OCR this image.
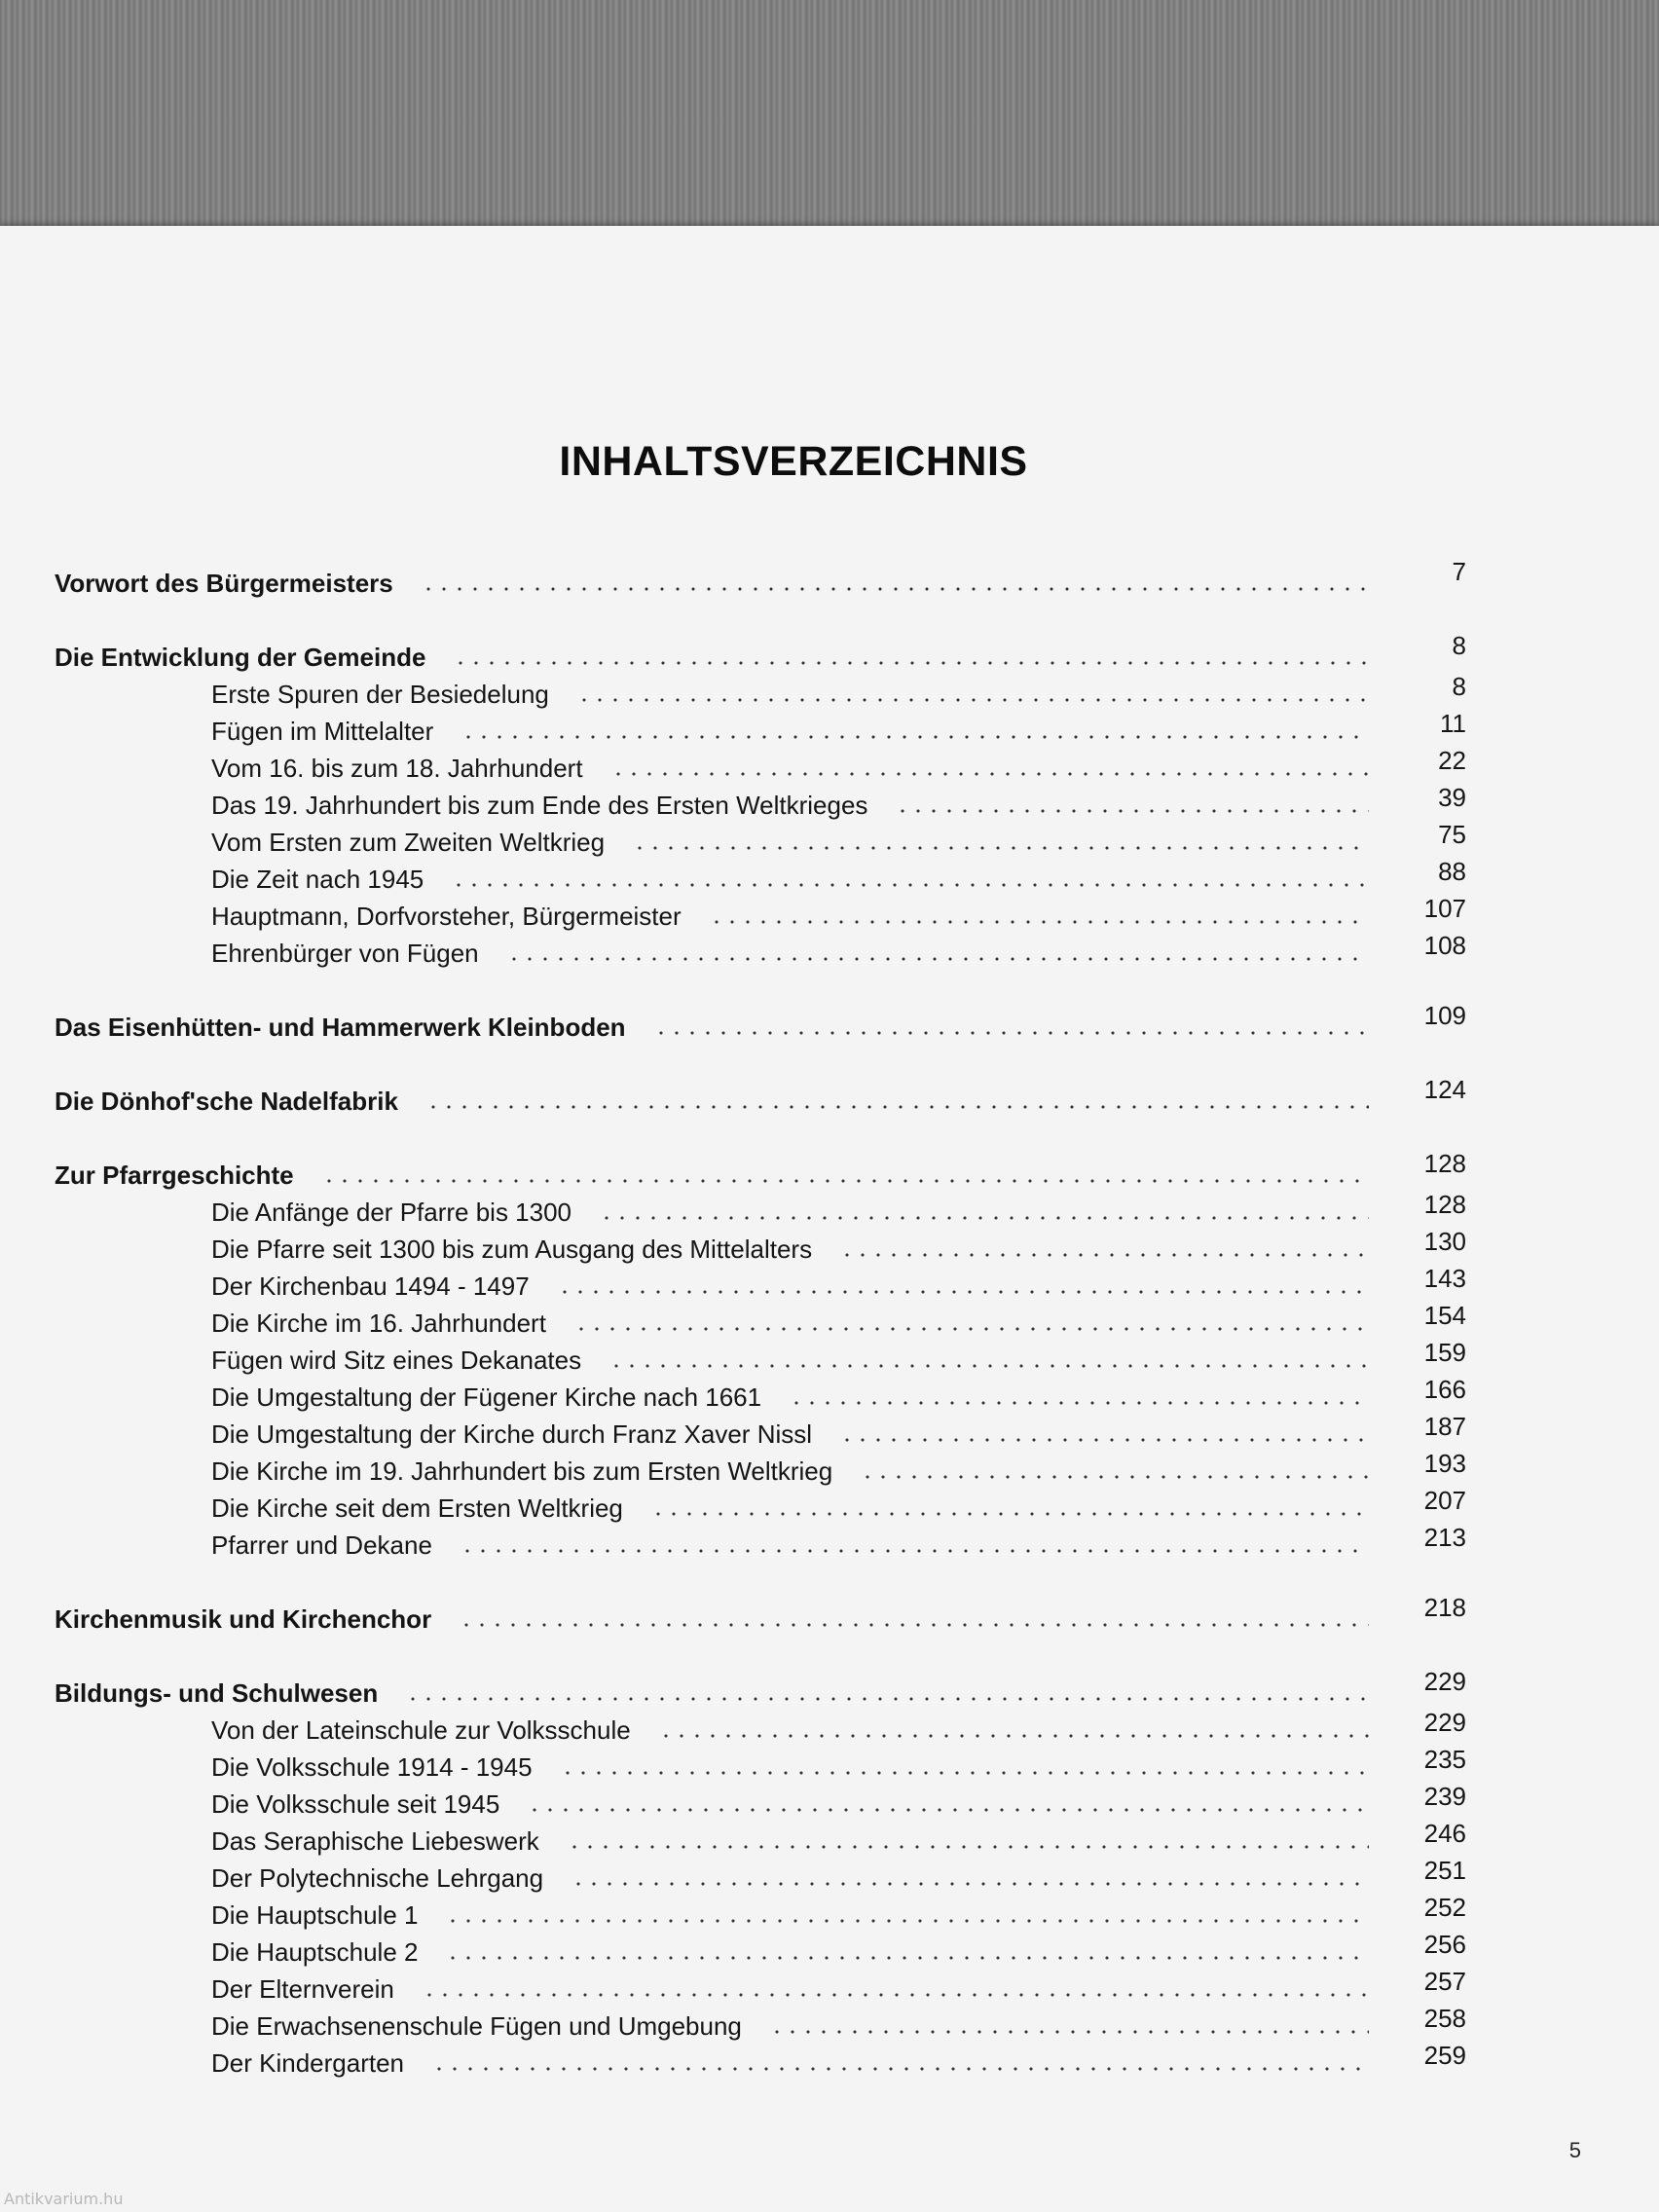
INHALTSVERZEICHNIS
Vorwort des Bürgermeisters	7
Die Entwicklung der Gemeinde	8
Erste Spuren der Besiedelung	8
Fügen im Mittelalter	11
Vom 16. bis zum 18. Jahrhundert	22
Das 19. Jahrhundert bis zum Ende des Ersten Weltkrieges	39
Vom Ersten zum Zweiten Weltkrieg	75
Die Zeit nach 1945	88
Hauptmann, Dorfvorsteher, Bürgermeister	107
Ehrenbürger von Fügen	108
Das Eisenhütten- und Hammerwerk Kleinboden	109
Die Dönhof'sche Nadelfabrik	124
Zur Pfarrgeschichte	128
Die Anfänge der Pfarre bis 1300	128
Die Pfarre seit 1300 bis zum Ausgang des Mittelalters	130
Der Kirchenbau 1494 - 1497	143
Die Kirche im 16. Jahrhundert	154
Fügen wird Sitz eines Dekanates	159
Die Umgestaltung der Fügener Kirche nach 1661	166
Die Umgestaltung der Kirche durch Franz Xaver Nissl	187
Die Kirche im 19. Jahrhundert bis zum Ersten Weltkrieg	193
Die Kirche seit dem Ersten Weltkrieg	207
Pfarrer und Dekane	213
Kirchenmusik und Kirchenchor	218
Bildungs- und Schulwesen	229
Von der Lateinschule zur Volksschule	229
Die Volksschule 1914 - 1945	235
Die Volksschule seit 1945	239
Das Seraphische Liebeswerk	246
Der Polytechnische Lehrgang	251
Die Hauptschule 1	252
Die Hauptschule 2	256
Der Elternverein	257
Die Erwachsenenschule Fügen und Umgebung	258
Der Kindergarten	259
5
Antikvarium.hu
